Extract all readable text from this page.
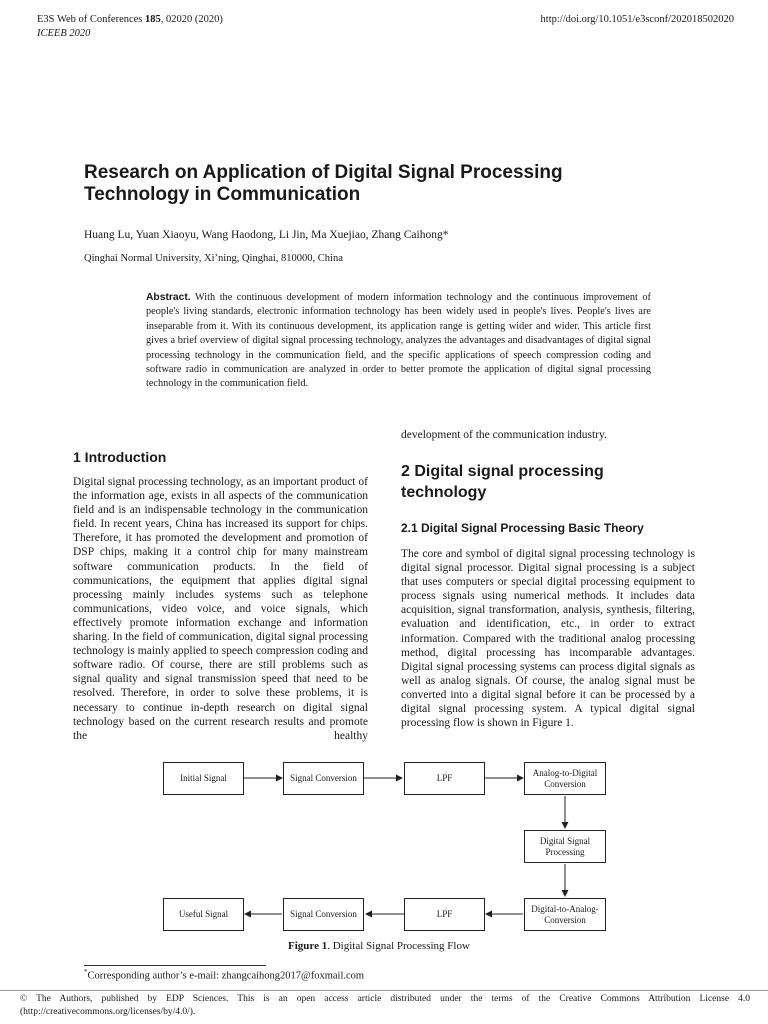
E3S Web of Conferences 185, 02020 (2020)
ICEEB 2020
http://doi.org/10.1051/e3sconf/202018502020
Research on Application of Digital Signal Processing
Technology in Communication
Huang Lu, Yuan Xiaoyu, Wang Haodong, Li Jin, Ma Xuejiao, Zhang Caihong*
Qinghai Normal University, Xi’ning, Qinghai, 810000, China
Abstract. With the continuous development of modern information technology and the continuous improvement of people's living standards, electronic information technology has been widely used in people's lives. People's lives are inseparable from it. With its continuous development, its application range is getting wider and wider. This article first gives a brief overview of digital signal processing technology, analyzes the advantages and disadvantages of digital signal processing technology in the communication field, and the specific applications of speech compression coding and software radio in communication are analyzed in order to better promote the application of digital signal processing technology in the communication field.
1 Introduction
Digital signal processing technology, as an important product of the information age, exists in all aspects of the communication field and is an indispensable technology in the communication field. In recent years, China has increased its support for chips. Therefore, it has promoted the development and promotion of DSP chips, making it a control chip for many mainstream software communication products. In the field of communications, the equipment that applies digital signal processing mainly includes systems such as telephone communications, video voice, and voice signals, which effectively promote information exchange and information sharing. In the field of communication, digital signal processing technology is mainly applied to speech compression coding and software radio. Of course, there are still problems such as signal quality and signal transmission speed that need to be resolved. Therefore, in order to solve these problems, it is necessary to continue in-depth research on digital signal technology based on the current research results and promote the healthy
development of the communication industry.
2 Digital signal processing
technology
2.1 Digital Signal Processing Basic Theory
The core and symbol of digital signal processing technology is digital signal processor. Digital signal processing is a subject that uses computers or special digital processing equipment to process signals using numerical methods. It includes data acquisition, signal transformation, analysis, synthesis, filtering, evaluation and identification, etc., in order to extract information. Compared with the traditional analog processing method, digital processing has incomparable advantages. Digital signal processing systems can process digital signals as well as analog signals. Of course, the analog signal must be converted into a digital signal before it can be processed by a digital signal processing system. A typical digital signal processing flow is shown in Figure 1.
Initial Signal	Signal Conversion	LPF
Analog-to-Digital Conversion
Digital Signal Processing
Digital-to-Analog-Conversion
LPF
Signal Conversion
Useful Signal
Figure 1. Digital Signal Processing Flow
*Corresponding author’s e-mail: zhangcaihong2017@foxmail.com
© The Authors, published by EDP Sciences. This is an open access article distributed under the terms of the Creative Commons Attribution License 4.0
(http://creativecommons.org/licenses/by/4.0/).
